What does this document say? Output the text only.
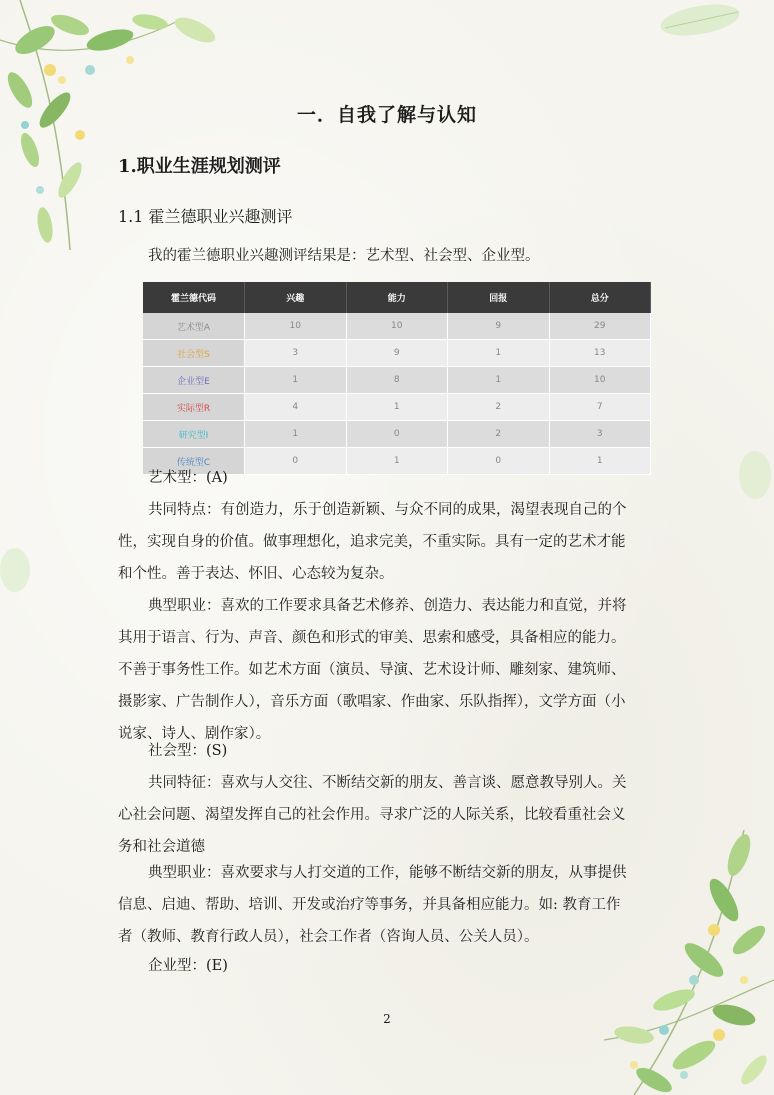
一．自我了解与认知
1.职业生涯规划测评
1.1 霍兰德职业兴趣测评
我的霍兰德职业兴趣测评结果是：艺术型、社会型、企业型。
霍兰德代码	兴趣	能力	回报	总分
艺术型A	10	10	9	29
社会型S	3	9	1	13
企业型E	1	8	1	10
实际型R	4	1	2	7
研究型I	1	0	2	3
传统型C	0	1	0	1
艺术型：(A)
共同特点：有创造力，乐于创造新颖、与众不同的成果，渴望表现自己的个
性，实现自身的价值。做事理想化，追求完美，不重实际。具有一定的艺术才能
和个性。善于表达、怀旧、心态较为复杂。
典型职业：喜欢的工作要求具备艺术修养、创造力、表达能力和直觉，并将
其用于语言、行为、声音、颜色和形式的审美、思索和感受，具备相应的能力。
不善于事务性工作。如艺术方面（演员、导演、艺术设计师、雕刻家、建筑师、
摄影家、广告制作人），音乐方面（歌唱家、作曲家、乐队指挥），文学方面（小
说家、诗人、剧作家）。
社会型：(S)
共同特征：喜欢与人交往、不断结交新的朋友、善言谈、愿意教导别人。关
心社会问题、渴望发挥自己的社会作用。寻求广泛的人际关系，比较看重社会义
务和社会道德
典型职业：喜欢要求与人打交道的工作，能够不断结交新的朋友，从事提供
信息、启迪、帮助、培训、开发或治疗等事务，并具备相应能力。如: 教育工作
者（教师、教育行政人员），社会工作者（咨询人员、公关人员）。
企业型：(E)
2
